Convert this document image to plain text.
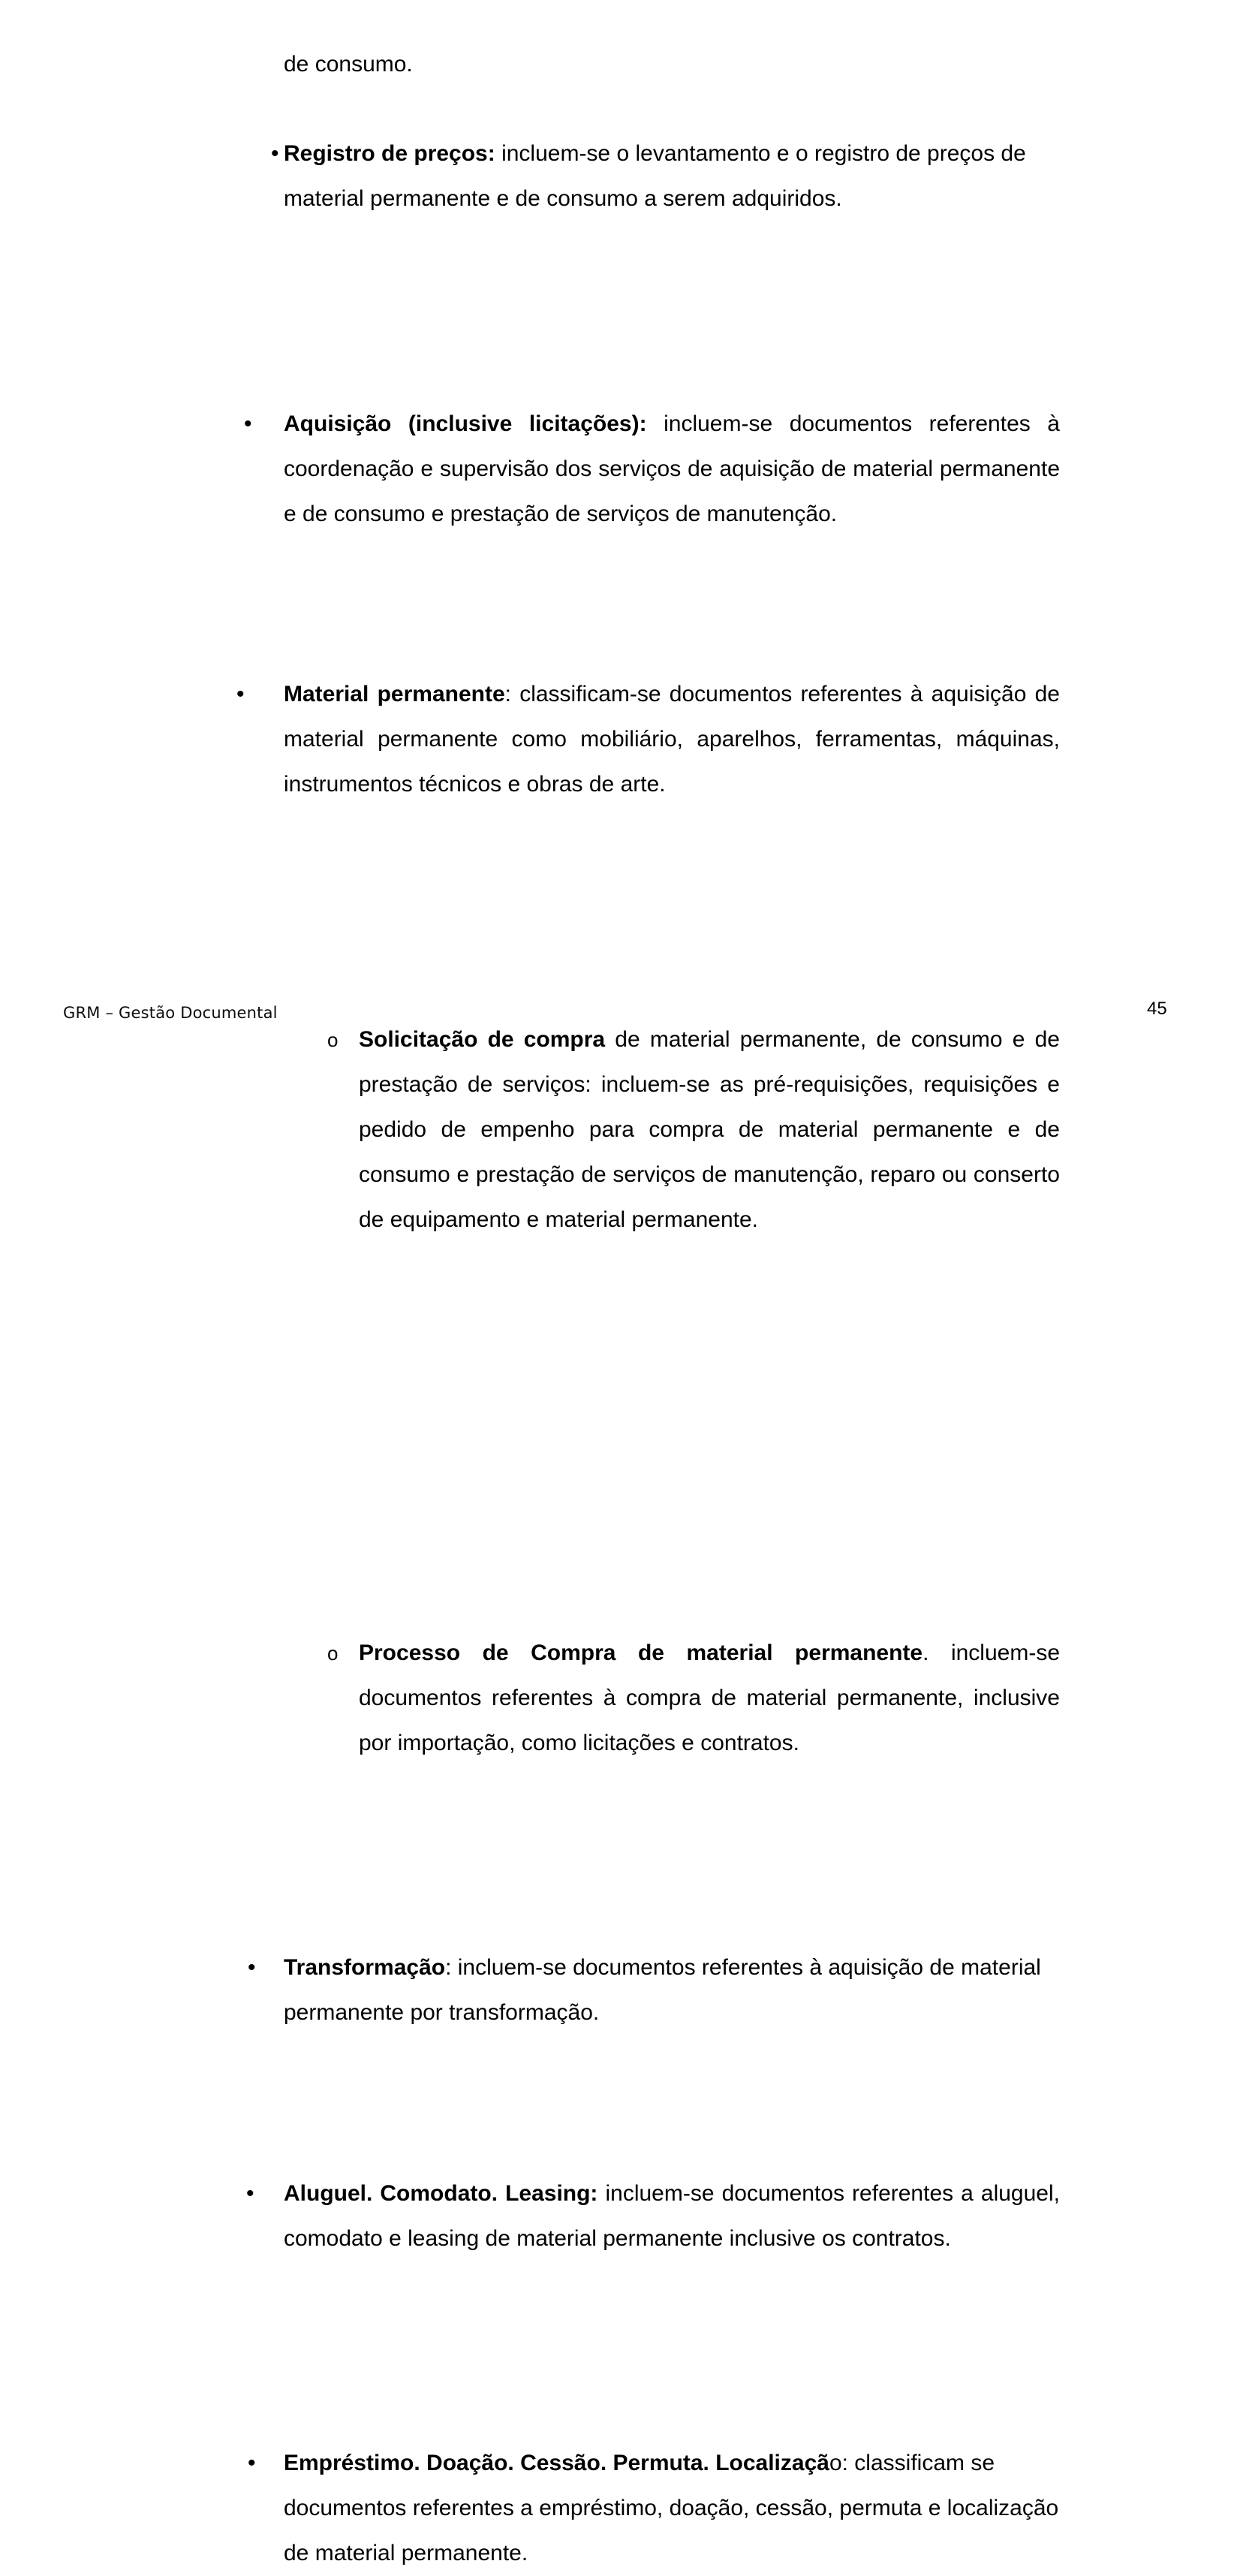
de consumo.

• Registro de preços: incluem-se o levantamento e o registro de preços de material permanente e de consumo a serem adquiridos.

• Aquisição (inclusive licitações): incluem-se documentos referentes à coordenação e supervisão dos serviços de aquisição de material permanente e de consumo e prestação de serviços de manutenção.

• Material permanente: classificam-se documentos referentes à aquisição de material permanente como mobiliário, aparelhos, ferramentas, máquinas, instrumentos técnicos e obras de arte.

o Solicitação de compra de material permanente, de consumo e de prestação de serviços: incluem-se as pré-requisições, requisições e pedido de empenho para compra de material permanente e de consumo e prestação de serviços de manutenção, reparo ou conserto de equipamento e material permanente.

GRM – Gestão Documental	45
o Processo de Compra de material permanente. incluem-se documentos referentes à compra de material permanente, inclusive por importação, como licitações e contratos.

• Transformação: incluem-se documentos referentes à aquisição de material permanente por transformação.

• Aluguel. Comodato. Leasing: incluem-se documentos referentes a aluguel, comodato e leasing de material permanente inclusive os contratos.

• Empréstimo. Doação. Cessão. Permuta. Localização: classificam se documentos referentes a empréstimo, doação, cessão, permuta e localização de material permanente.
